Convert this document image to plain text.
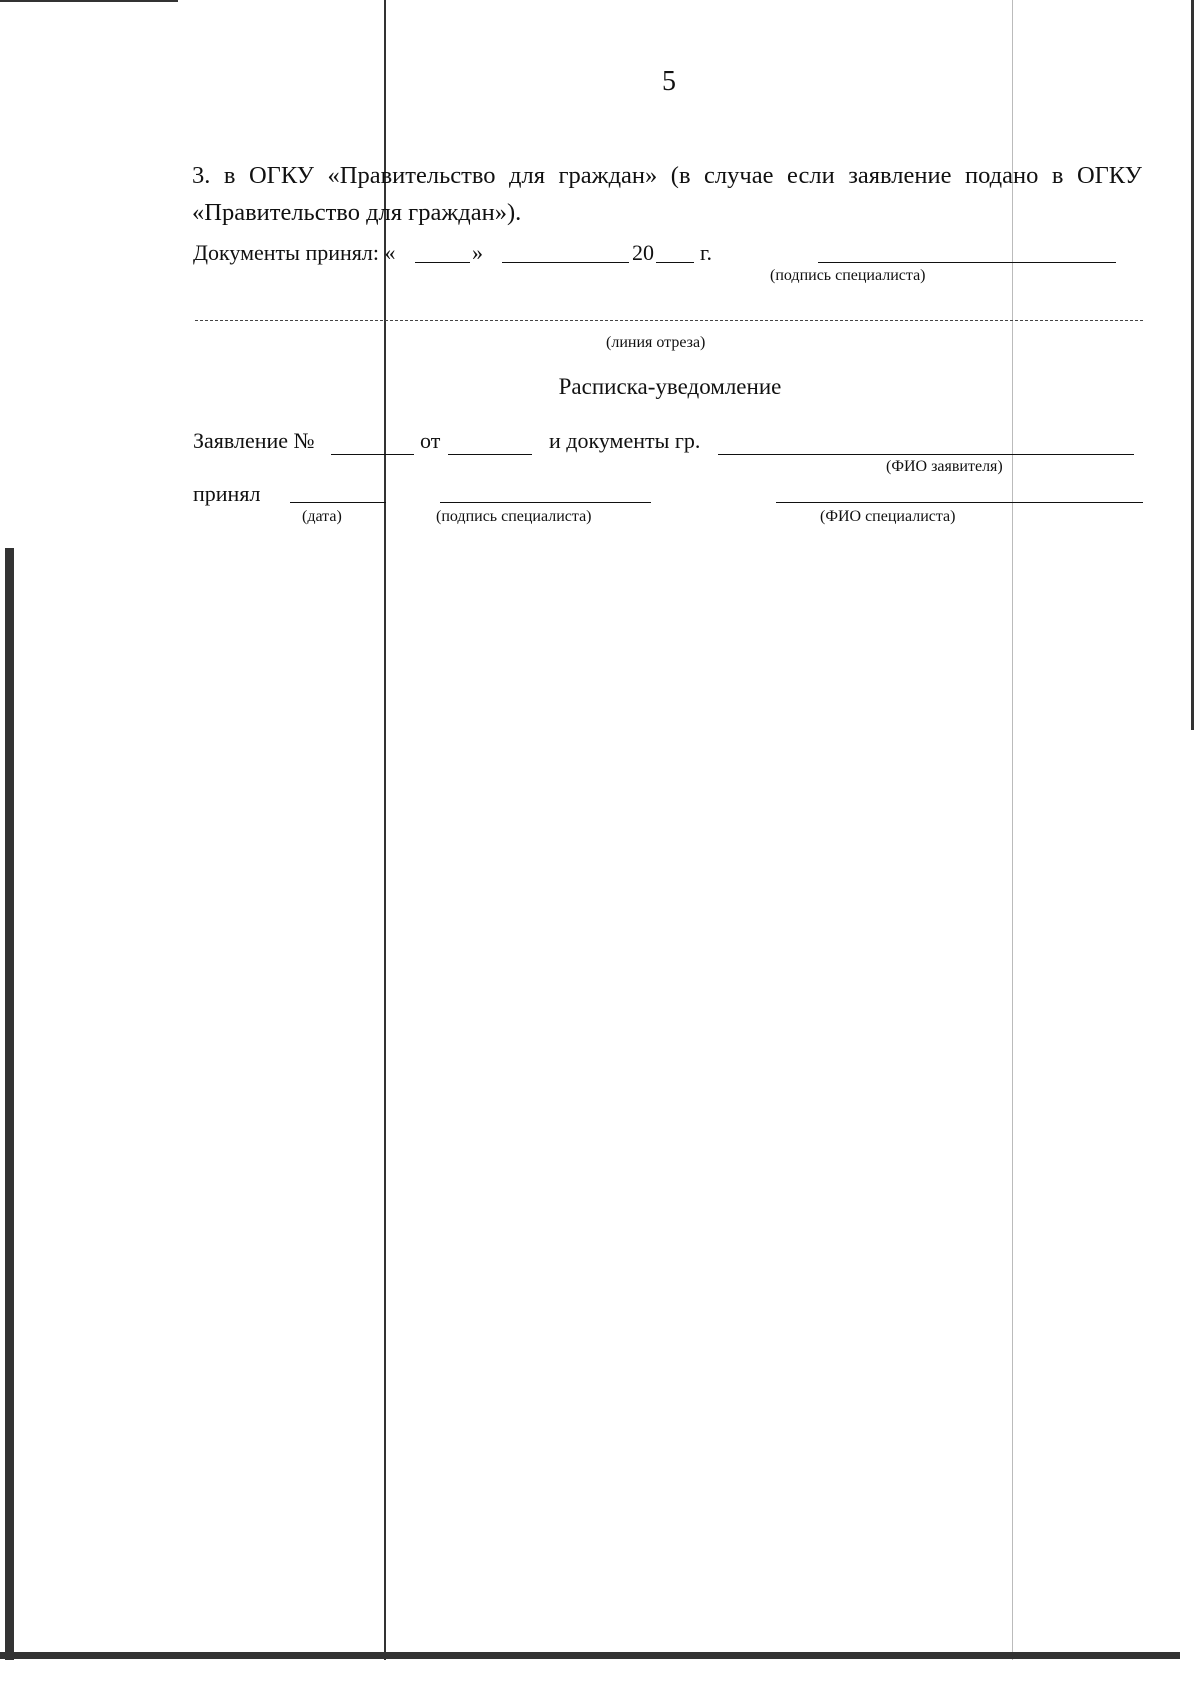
5
3. в ОГКУ «Правительство для граждан» (в случае если заявление подано в ОГКУ «Правительство для граждан»).
Документы принял: «	»	20 г.
(подпись специалиста)
(линия отреза)
Расписка-уведомление
Заявление №	от	и документы гр.
(ФИО заявителя)
принял
(дата)	(подпись специалиста)	(ФИО специалиста)
